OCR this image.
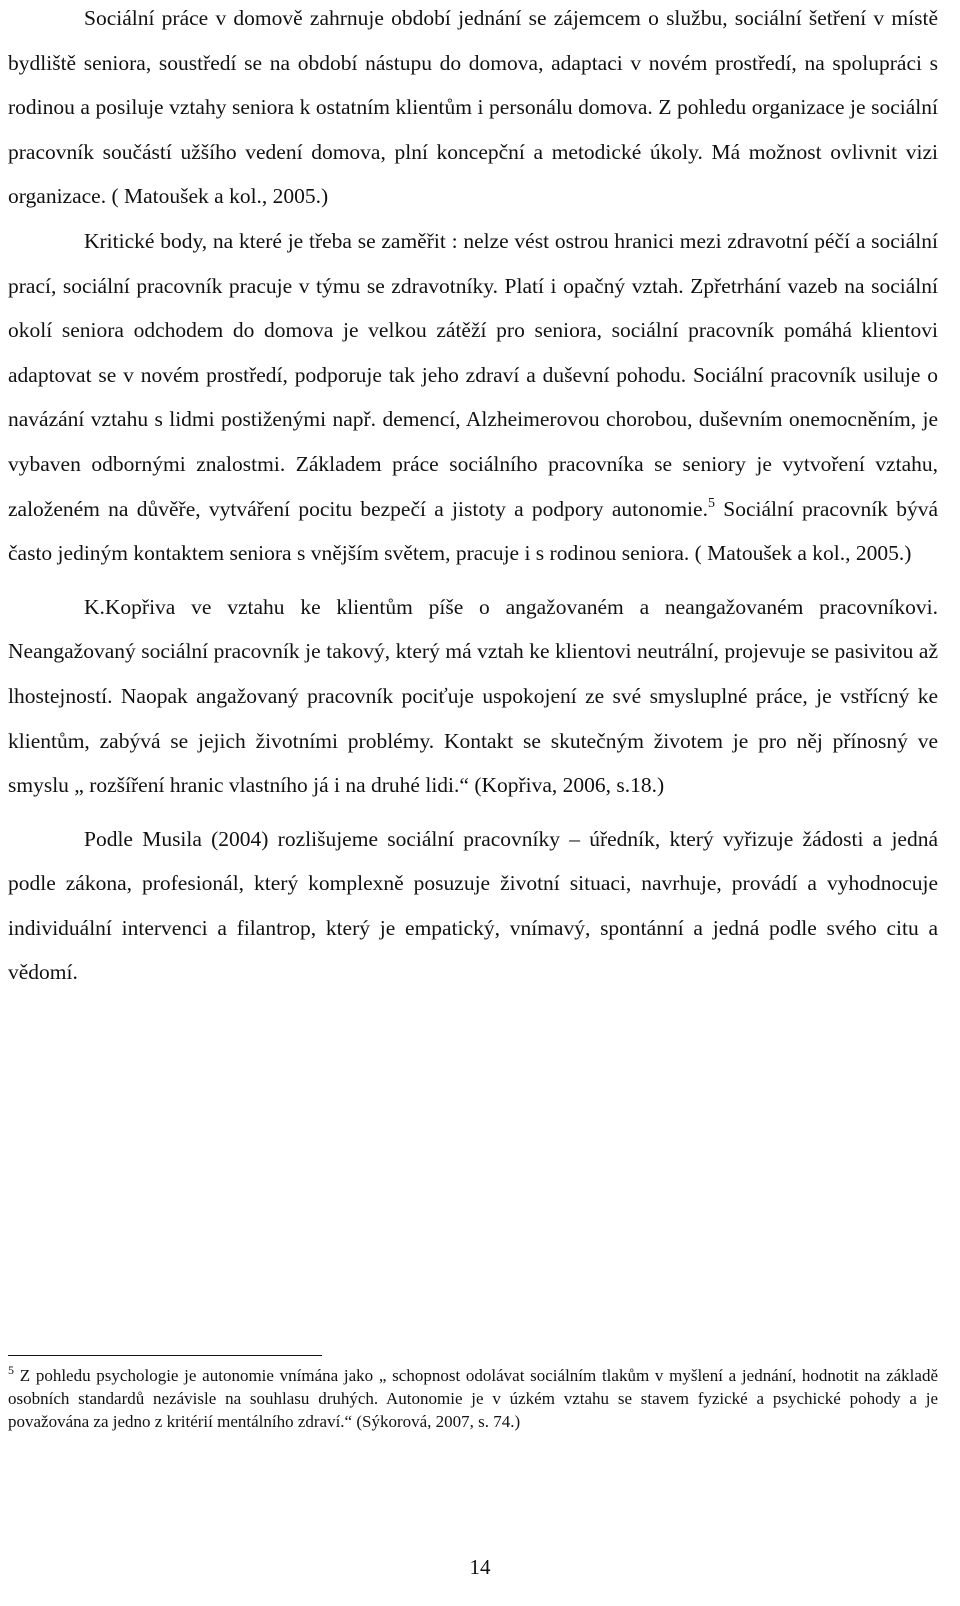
Sociální práce v domově zahrnuje období jednání se zájemcem o službu, sociální šetření v místě bydliště seniora, soustředí se na období nástupu do domova, adaptaci v novém prostředí, na spolupráci s rodinou a posiluje vztahy seniora k ostatním klientům i personálu domova. Z pohledu organizace je sociální pracovník součástí užšího vedení domova, plní koncepční a metodické úkoly. Má možnost ovlivnit vizi organizace. ( Matoušek a kol., 2005.)

Kritické body, na které je třeba se zaměřit : nelze vést ostrou hranici mezi zdravotní péčí a sociální prací, sociální pracovník pracuje v týmu se zdravotníky. Platí i opačný vztah. Zpřetrhání vazeb na sociální okolí seniora odchodem do domova je velkou zátěží pro seniora, sociální pracovník pomáhá klientovi adaptovat se v novém prostředí, podporuje tak jeho zdraví a duševní pohodu. Sociální pracovník usiluje o navázání vztahu s lidmi postiženými např. demencí, Alzheimerovou chorobou, duševním onemocněním, je vybaven odbornými znalostmi. Základem práce sociálního pracovníka se seniory je vytvoření vztahu, založeném na důvěře, vytváření pocitu bezpečí a jistoty a podpory autonomie.$^5$ Sociální pracovník bývá často jediným kontaktem seniora s vnějším světem, pracuje i s rodinou seniora. ( Matoušek a kol., 2005.)

K.Kopřiva ve vztahu ke klientům píše o angažovaném a neangažovaném pracovníkovi. Neangažovaný sociální pracovník je takový, který má vztah ke klientovi neutrální, projevuje se pasivitou až lhostejností. Naopak angažovaný pracovník pociťuje uspokojení ze své smysluplné práce, je vstřícný ke klientům, zabývá se jejich životními problémy. Kontakt se skutečným životem je pro něj přínosný ve smyslu „ rozšíření hranic vlastního já i na druhé lidi.“ (Kopřiva, 2006, s.18.)

Podle Musila (2004) rozlišujeme sociální pracovníky – úředník, který vyřizuje žádosti a jedná podle zákona, profesionál, který komplexně posuzuje životní situaci, navrhuje, provádí a vyhodnocuje individuální intervenci a filantrop, který je empatický, vnímavý, spontánní a jedná podle svého citu a vědomí.

$^5$ Z pohledu psychologie je autonomie vnímána jako „ schopnost odolávat sociálním tlakům v myšlení a jednání, hodnotit na základě osobních standardů nezávisle na souhlasu druhých. Autonomie je v úzkém vztahu se stavem fyzické a psychické pohody a je považována za jedno z kritérií mentálního zdraví.“ (Sýkorová, 2007, s. 74.)
14
